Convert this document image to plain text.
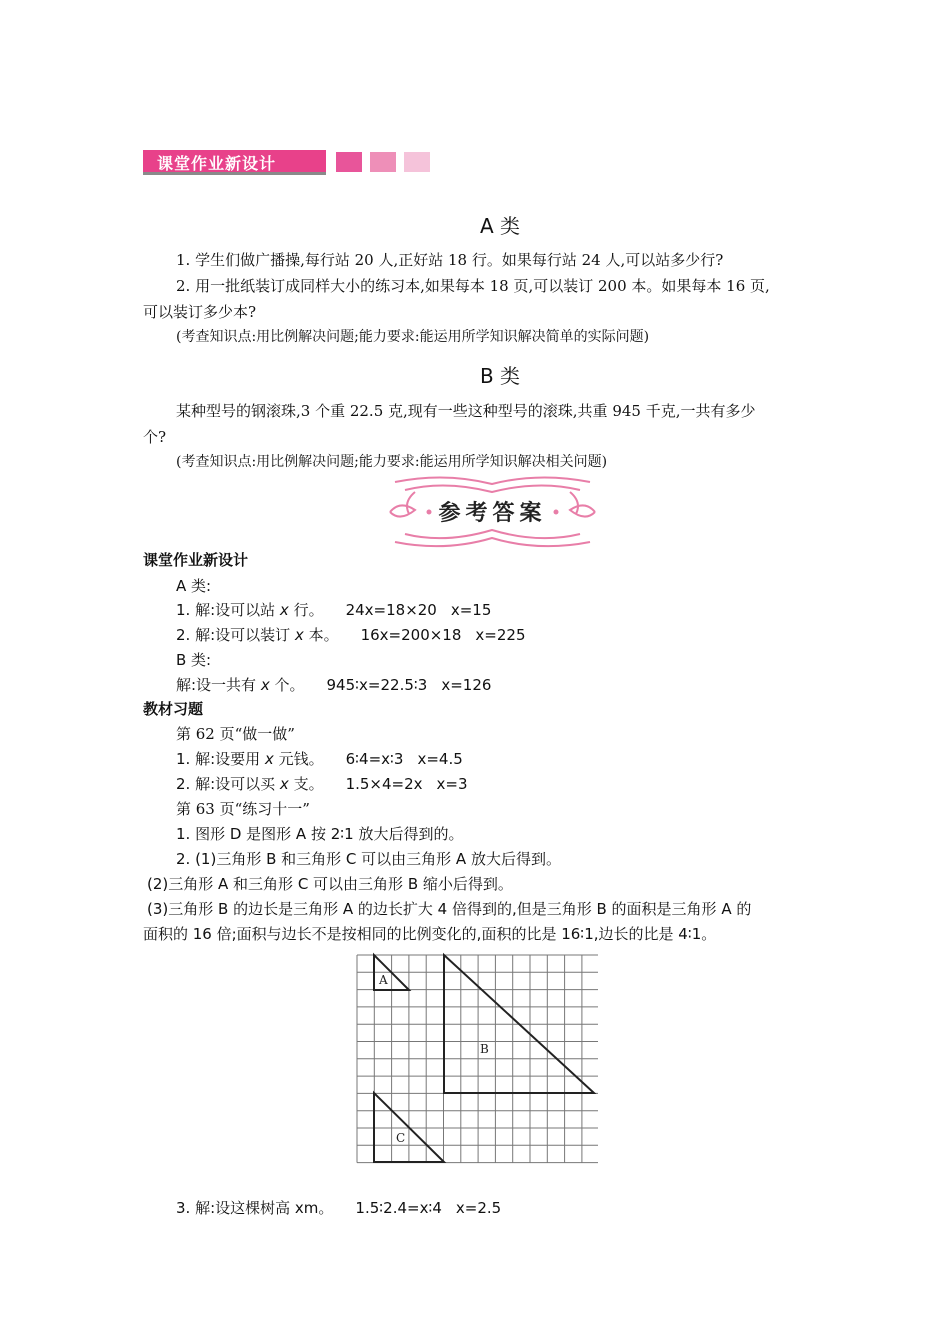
课堂作业新设计
A 类
1. 学生们做广播操,每行站 20 人,正好站 18 行。如果每行站 24 人,可以站多少行?
2. 用一批纸装订成同样大小的练习本,如果每本 18 页,可以装订 200 本。如果每本 16 页,
可以装订多少本?
(考查知识点:用比例解决问题;能力要求:能运用所学知识解决简单的实际问题)
B 类
某种型号的钢滚珠,3 个重 22.5 克,现有一些这种型号的滚珠,共重 945 千克,一共有多少
个?
(考查知识点:用比例解决问题;能力要求:能运用所学知识解决相关问题)
参考答案
课堂作业新设计
A 类:
1. 解:设可以站 x 行。 24x=18×20 x=15
2. 解:设可以装订 x 本。 16x=200×18 x=225
B 类:
解:设一共有 x 个。 945∶x=22.5∶3 x=126
教材习题
第 62 页“做一做”
1. 解:设要用 x 元钱。 6∶4=x∶3 x=4.5
2. 解:设可以买 x 支。 1.5×4=2x x=3
第 63 页“练习十一”
1. 图形 D 是图形 A 按 2∶1 放大后得到的。
2. (1)三角形 B 和三角形 C 可以由三角形 A 放大后得到。
(2)三角形 A 和三角形 C 可以由三角形 B 缩小后得到。
(3)三角形 B 的边长是三角形 A 的边长扩大 4 倍得到的,但是三角形 B 的面积是三角形 A 的
面积的 16 倍;面积与边长不是按相同的比例变化的,面积的比是 16∶1,边长的比是 4∶1。
A
B
C
3. 解:设这棵树高 xm。 1.5∶2.4=x∶4 x=2.5
